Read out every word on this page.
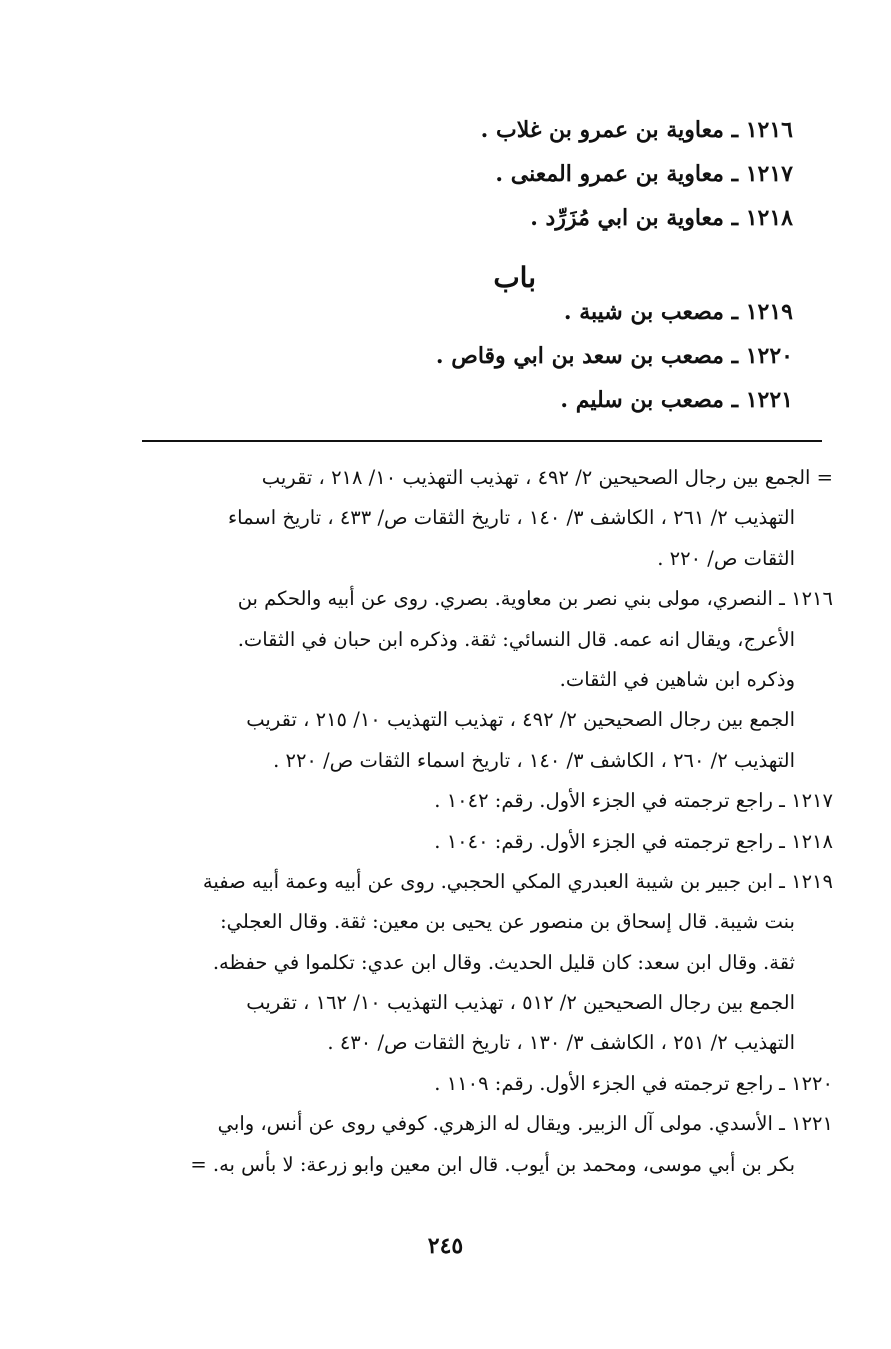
١٢١٦ ـ معاوية بن عمرو بن غلاب .
١٢١٧ ـ معاوية بن عمرو المعنى .
١٢١٨ ـ معاوية بن ابي مُزَرِّد .
باب
١٢١٩ ـ مصعب بن شيبة .
١٢٢٠ ـ مصعب بن سعد بن ابي وقاص .
١٢٢١ ـ مصعب بن سليم .
= الجمع بين رجال الصحيحين ٢/ ٤٩٢ ، تهذيب التهذيب ١٠/ ٢١٨ ، تقريب
التهذيب ٢/ ٢٦١ ، الكاشف ٣/ ١٤٠ ، تاريخ الثقات ص/ ٤٣٣ ، تاريخ اسماء
الثقات ص/ ٢٢٠ .
١٢١٦ ـ النصري، مولى بني نصر بن معاوية. بصري. روى عن أبيه والحكم بن
الأعرج، ويقال انه عمه. قال النسائي: ثقة. وذكره ابن حبان في الثقات.
وذكره ابن شاهين في الثقات.
الجمع بين رجال الصحيحين ٢/ ٤٩٢ ، تهذيب التهذيب ١٠/ ٢١٥ ، تقريب
التهذيب ٢/ ٢٦٠ ، الكاشف ٣/ ١٤٠ ، تاريخ اسماء الثقات ص/ ٢٢٠ .
١٢١٧ ـ راجع ترجمته في الجزء الأول. رقم: ١٠٤٢ .
١٢١٨ ـ راجع ترجمته في الجزء الأول. رقم: ١٠٤٠ .
١٢١٩ ـ ابن جبير بن شيبة العبدري المكي الحجبي. روى عن أبيه وعمة أبيه صفية
بنت شيبة. قال إسحاق بن منصور عن يحيى بن معين: ثقة. وقال العجلي:
ثقة. وقال ابن سعد: كان قليل الحديث. وقال ابن عدي: تكلموا في حفظه.
الجمع بين رجال الصحيحين ٢/ ٥١٢ ، تهذيب التهذيب ١٠/ ١٦٢ ، تقريب
التهذيب ٢/ ٢٥١ ، الكاشف ٣/ ١٣٠ ، تاريخ الثقات ص/ ٤٣٠ .
١٢٢٠ ـ راجع ترجمته في الجزء الأول. رقم: ١١٠٩ .
١٢٢١ ـ الأسدي. مولى آل الزبير. ويقال له الزهري. كوفي روى عن أنس، وابي
بكر بن أبي موسى، ومحمد بن أيوب. قال ابن معين وابو زرعة: لا بأس به. =
٢٤٥
